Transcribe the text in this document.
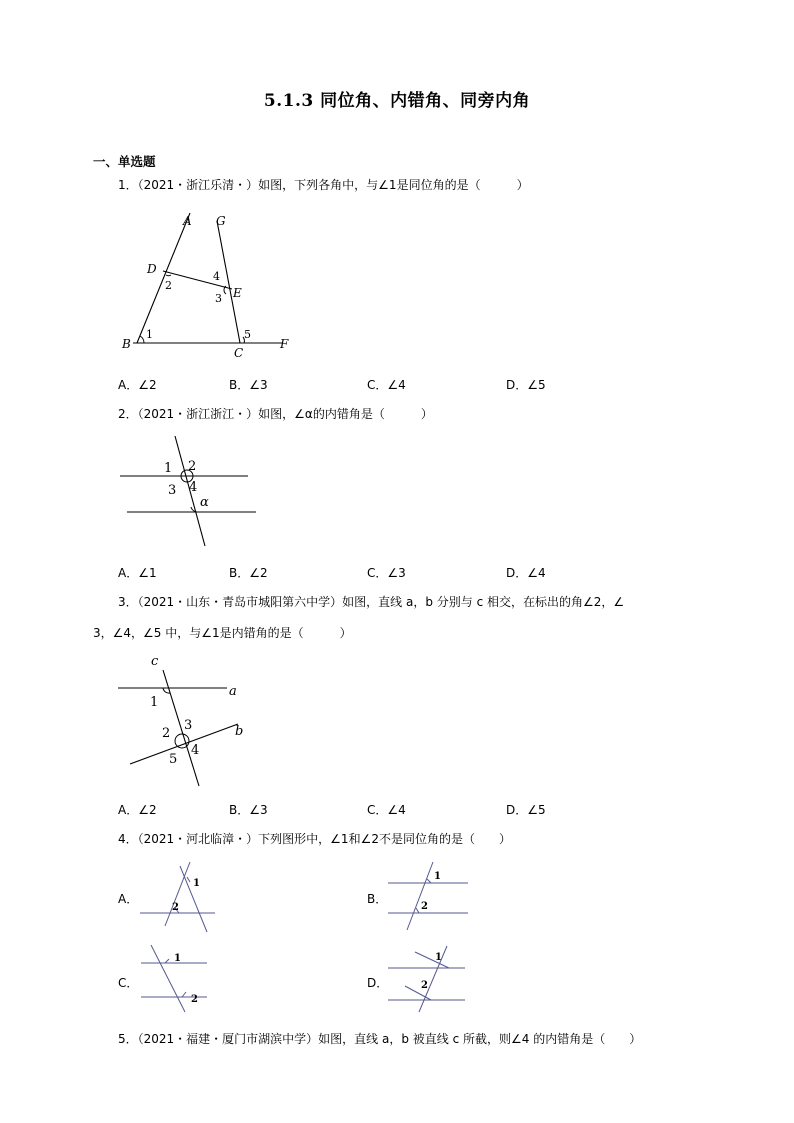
5.1.3 同位角、内错角、同旁内角
一、单选题
1．（2021・浙江乐清・）如图，下列各角中，与∠1是同位角的是（　　　）
A G
D
E
B
C
F
1
2
3
4
5
A．∠2	B．∠3	C．∠4	D．∠5
2．（2021・浙江浙江・）如图，∠α的内错角是（　　　）
1 2
3 4
α
A．∠1	B．∠2	C．∠3	D．∠4
3．（2021・山东・青岛市城阳第六中学）如图，直线 a，b 分别与 c 相交，在标出的角∠2，∠
3，∠4，∠5 中，与∠1是内错角的是（　　　）
c
a
b
1
2
3
4
5
A．∠2	B．∠3	C．∠4	D．∠5
4．（2021・河北临漳・）下列图形中，∠1和∠2不是同位角的是（　　）
A．
1
2
B．
1
2
C．
1
2
D．
1
2
5．（2021・福建・厦门市湖滨中学）如图，直线 a，b 被直线 c 所截，则∠4 的内错角是（　　）
